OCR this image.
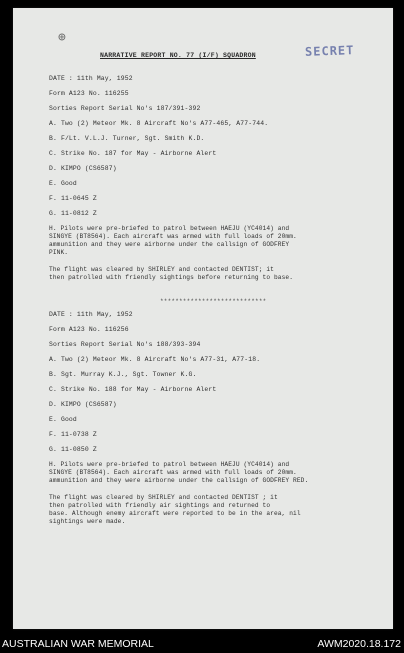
⊕
SECRET
NARRATIVE REPORT NO. 77 (I/F) SQUADRON
DATE : 11th May, 1952
Form A123 No. 116255
Sorties Report Serial No's 187/391-392
A. Two (2) Meteor Mk. 8 Aircraft No's A77-465, A77-744.
B. F/Lt. V.L.J. Turner, Sgt. Smith K.D.
C. Strike No. 187 for May - Airborne Alert
D. KIMPO (CS6587)
E. Good
F. 11-0645 Z
G. 11-0812 Z
H. Pilots were pre-briefed to patrol between HAEJU (YC4014) and
SINGYE (BT8564). Each aircraft was armed with full loads of 20mm.
ammunition and they were airborne under the callsign of GODFREY
PINK.
The flight was cleared by SHIRLEY and contacted DENTIST; it
then patrolled with friendly sightings before returning to base.
****************************
DATE : 11th May, 1952
Form A123 No. 116256
Sorties Report Serial No's 188/393-394
A. Two (2) Meteor Mk. 8 Aircraft No's A77-31, A77-18.
B. Sgt. Murray K.J., Sgt. Towner K.G.
C. Strike No. 188 for May - Airborne Alert
D. KIMPO (CS6587)
E. Good
F. 11-0738 Z
G. 11-0850 Z
H. Pilots were pre-briefed to patrol between HAEJU (YC4014) and
SINGYE (BT8564). Each aircraft was armed with full loads of 20mm.
ammunition and they were airborne under the callsign of GODFREY RED.
The flight was cleared by SHIRLEY and contacted DENTIST ; it
then patrolled with friendly air sightings and returned to
base. Although enemy aircraft were reported to be in the area, nil
sightings were made.
AUSTRALIAN WAR MEMORIAL	AWM2020.18.172
